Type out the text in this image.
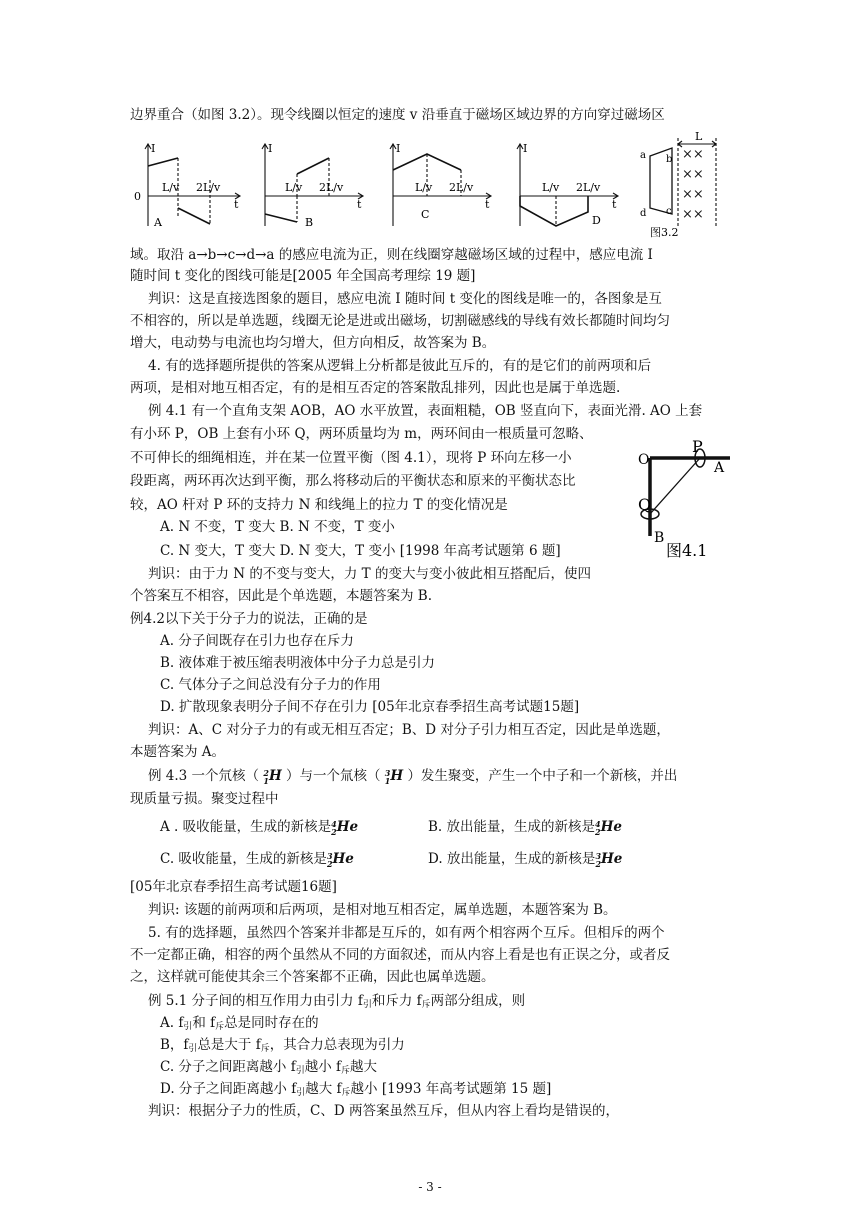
边界重合（如图 3.2）。现令线圈以恒定的速度 v 沿垂直于磁场区域边界的方向穿过磁场区
I
t
0
L/v 2L/v
A
I
t
L/v 2L/v
B
I
t
L/v 2L/v
C
I
t
L/v 2L/v
D
××
××
××
××
L
a b
c
d
图3.2
域。取沿 a→b→c→d→a 的感应电流为正，则在线圈穿越磁场区域的过程中，感应电流 I
随时间 t 变化的图线可能是[2005 年全国高考理综 19 题]
判识：这是直接选图象的题目，感应电流 I 随时间 t 变化的图线是唯一的，各图象是互
不相容的，所以是单选题，线圈无论是进或出磁场，切割磁感线的导线有效长都随时间均匀
增大，电动势与电流也均匀增大，但方向相反，故答案为 B。
4. 有的选择题所提供的答案从逻辑上分析都是彼此互斥的，有的是它们的前两项和后
两项，是相对地互相否定，有的是相互否定的答案散乱排列，因此也是属于单选题.
例 4.1 有一个直角支架 AOB，AO 水平放置，表面粗糙，OB 竖直向下，表面光滑. AO 上套
有小环 P，OB 上套有小环 Q，两环质量均为 m，两环间由一根质量可忽略、
不可伸长的细绳相连，并在某一位置平衡（图 4.1），现将 P 环向左移一小
段距离，两环再次达到平衡，那么将移动后的平衡状态和原来的平衡状态比
较，AO 杆对 P 环的支持力 N 和线绳上的拉力 T 的变化情况是
A. N 不变，T 变大 B. N 不变，T 变小
C. N 变大，T 变大 D. N 变大，T 变小 [1998 年高考试题第 6 题]
判识：由于力 N 的不变与变大，力 T 的变大与变小彼此相互搭配后，使四
个答案互不相容，因此是个单选题，本题答案为 B.
O
P
A
Q
B
图4.1
例4.2以下关于分子力的说法，正确的是
A. 分子间既存在引力也存在斥力
B. 液体难于被压缩表明液体中分子力总是引力
C. 气体分子之间总没有分子力的作用
D. 扩散现象表明分子间不存在引力 [05年北京春季招生高考试题15题]
判识：A、C 对分子力的有或无相互否定；B、D 对分子引力相互否定，因此是单选题，
本题答案为 A。
例 4.3 一个氘核（ 2
1H ）与一个氚核（ 3
1H ）发生聚变，产生一个中子和一个新核，并出
现质量亏损。聚变过程中
A . 吸收能量，生成的新核是4
2He	B. 放出能量，生成的新核是4
2He
C. 吸收能量，生成的新核是3
2He	D. 放出能量，生成的新核是3
2He
[05年北京春季招生高考试题16题]
判识: 该题的前两项和后两项，是相对地互相否定，属单选题，本题答案为 B。
5. 有的选择题，虽然四个答案并非都是互斥的，如有两个相容两个互斥。但相斥的两个
不一定都正确，相容的两个虽然从不同的方面叙述，而从内容上看是也有正误之分，或者反
之，这样就可能使其余三个答案都不正确，因此也属单选题。
例 5.1 分子间的相互作用力由引力 $f_引$和斥力 $f_斥$两部分组成，则
A. $f_引$和 $f_斥$总是同时存在的
B，$f_引$总是大于 $f_斥$，其合力总表现为引力
C. 分子之间距离越小 $f_引$越小 $f_斥$越大
D. 分子之间距离越小 $f_引$越大 $f_斥$越小 [1993 年高考试题第 15 题]
判识：根据分子力的性质，C、D 两答案虽然互斥，但从内容上看均是错误的，
- 3 -
